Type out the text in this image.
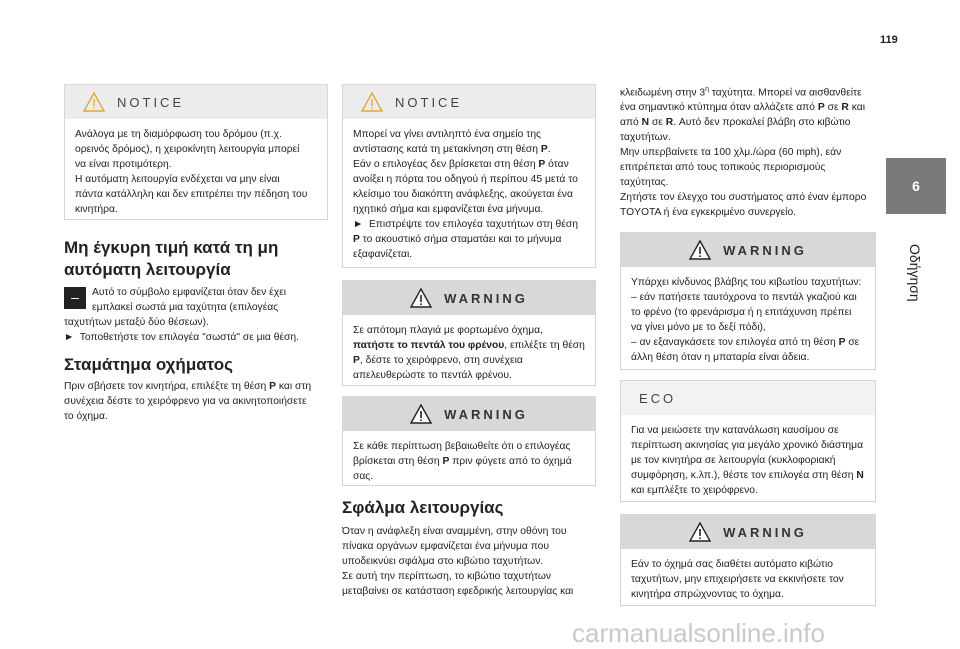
119
6
Οδήγηση
NOTICE

Ανάλογα με τη διαμόρφωση του δρόμου (π.χ.

ορεινός δρόμος), η χειροκίνητη λειτουργία μπορεί

να είναι προτιμότερη.

Η αυτόματη λειτουργία ενδέχεται να μην είναι

πάντα κατάλληλη και δεν επιτρέπει την πέδηση του

κινητήρα.

Μη έγκυρη τιμή κατά τη μη
αυτόματη λειτουργία
–	Αυτό το σύμβολο εμφανίζεται όταν δεν έχει
εμπλακεί σωστά μια ταχύτητα (επιλογέας
ταχυτήτων μεταξύ δύο θέσεων).
► Τοποθετήστε τον επιλογέα "σωστά" σε μια θέση.
Σταμάτημα οχήματος
Πριν σβήσετε τον κινητήρα, επιλέξτε τη θέση P και στη
συνέχεια δέστε το χειρόφρενο για να ακινητοποιήσετε
το όχημα.
NOTICE

Μπορεί να γίνει αντιληπτό ένα σημείο της

αντίστασης κατά τη μετακίνηση στη θέση P.

Εάν ο επιλογέας δεν βρίσκεται στη θέση P όταν

ανοίξει η πόρτα του οδηγού ή περίπου 45 μετά το

κλείσιμο του διακόπτη ανάφλεξης, ακούγεται ένα

ηχητικό σήμα και εμφανίζεται ένα μήνυμα.

► Επιστρέψτε τον επιλογέα ταχυτήτων στη θέση

P το ακουστικό σήμα σταματάει και το μήνυμα

εξαφανίζεται.

WARNING

Σε απότομη πλαγιά με φορτωμένο όχημα,

πατήστε το πεντάλ του φρένου, επιλέξτε τη θέση

P, δέστε το χειρόφρενο, στη συνέχεια

απελευθερώστε το πεντάλ φρένου.

WARNING

Σε κάθε περίπτωση βεβαιωθείτε ότι ο επιλογέας

βρίσκεται στη θέση P πριν φύγετε από το όχημά

σας.

Σφάλμα λειτουργίας
Όταν η ανάφλεξη είναι αναμμένη, στην οθόνη του
πίνακα οργάνων εμφανίζεται ένα μήνυμα που
υποδεικνύει σφάλμα στο κιβώτιο ταχυτήτων.
Σε αυτή την περίπτωση, το κιβώτιο ταχυτήτων
μεταβαίνει σε κατάσταση εφεδρικής λειτουργίας και
κλειδωμένη στην $3^\eta$ ταχύτητα. Μπορεί να αισθανθείτε
ένα σημαντικό κτύπημα όταν αλλάζετε από P σε R και
από N σε R. Αυτό δεν προκαλεί βλάβη στο κιβώτιο
ταχυτήτων.
Μην υπερβαίνετε τα 100 χλμ./ώρα (60 mph), εάν
επιτρέπεται από τους τοπικούς περιορισμούς
ταχύτητας.
Ζητήστε τον έλεγχο του συστήματος από έναν έμπορο
TOYOTA ή ένα εγκεκριμένο συνεργείο.
WARNING

Υπάρχει κίνδυνος βλάβης του κιβωτίου ταχυτήτων:

– εάν πατήσετε ταυτόχρονα το πεντάλ γκαζιού και

το φρένο (το φρενάρισμα ή η επιτάχυνση πρέπει

να γίνει μόνο με το δεξί πόδι),

– αν εξαναγκάσετε τον επιλογέα από τη θέση P σε

άλλη θέση όταν η μπαταρία είναι άδεια.

ECO

Για να μειώσετε την κατανάλωση καυσίμου σε

περίπτωση ακινησίας για μεγάλο χρονικό διάστημα

με τον κινητήρα σε λειτουργία (κυκλοφοριακή

συμφόρηση, κ.λπ.), θέστε τον επιλογέα στη θέση N

και εμπλέξτε το χειρόφρενο.

WARNING

Εάν το όχημά σας διαθέτει αυτόματο κιβώτιο

ταχυτήτων, μην επιχειρήσετε να εκκινήσετε τον

κινητήρα σπρώχνοντας το όχημα.

carmanualsonline.info
